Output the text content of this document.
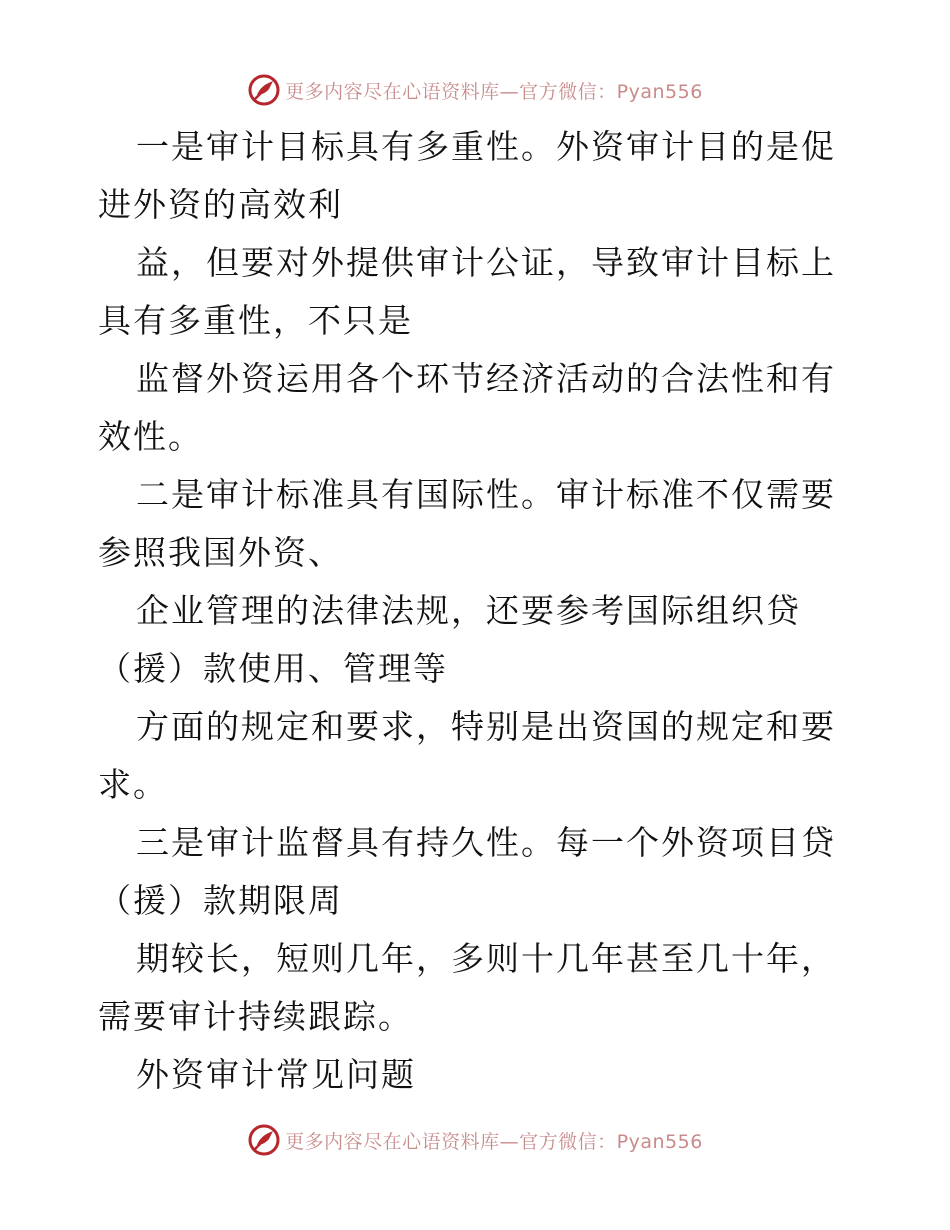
更多内容尽在心语资料库—官方微信：Pyan556

一是审计目标具有多重性。外资审计目的是促进外资的高效利

益，但要对外提供审计公证，导致审计目标上具有多重性，不只是

监督外资运用各个环节经济活动的合法性和有效性。

二是审计标准具有国际性。审计标准不仅需要参照我国外资、

企业管理的法律法规，还要参考国际组织贷（援）款使用、管理等

方面的规定和要求，特别是出资国的规定和要求。

三是审计监督具有持久性。每一个外资项目贷（援）款期限周

期较长，短则几年，多则十几年甚至几十年，需要审计持续跟踪。

外资审计常见问题

更多内容尽在心语资料库—官方微信：Pyan556
